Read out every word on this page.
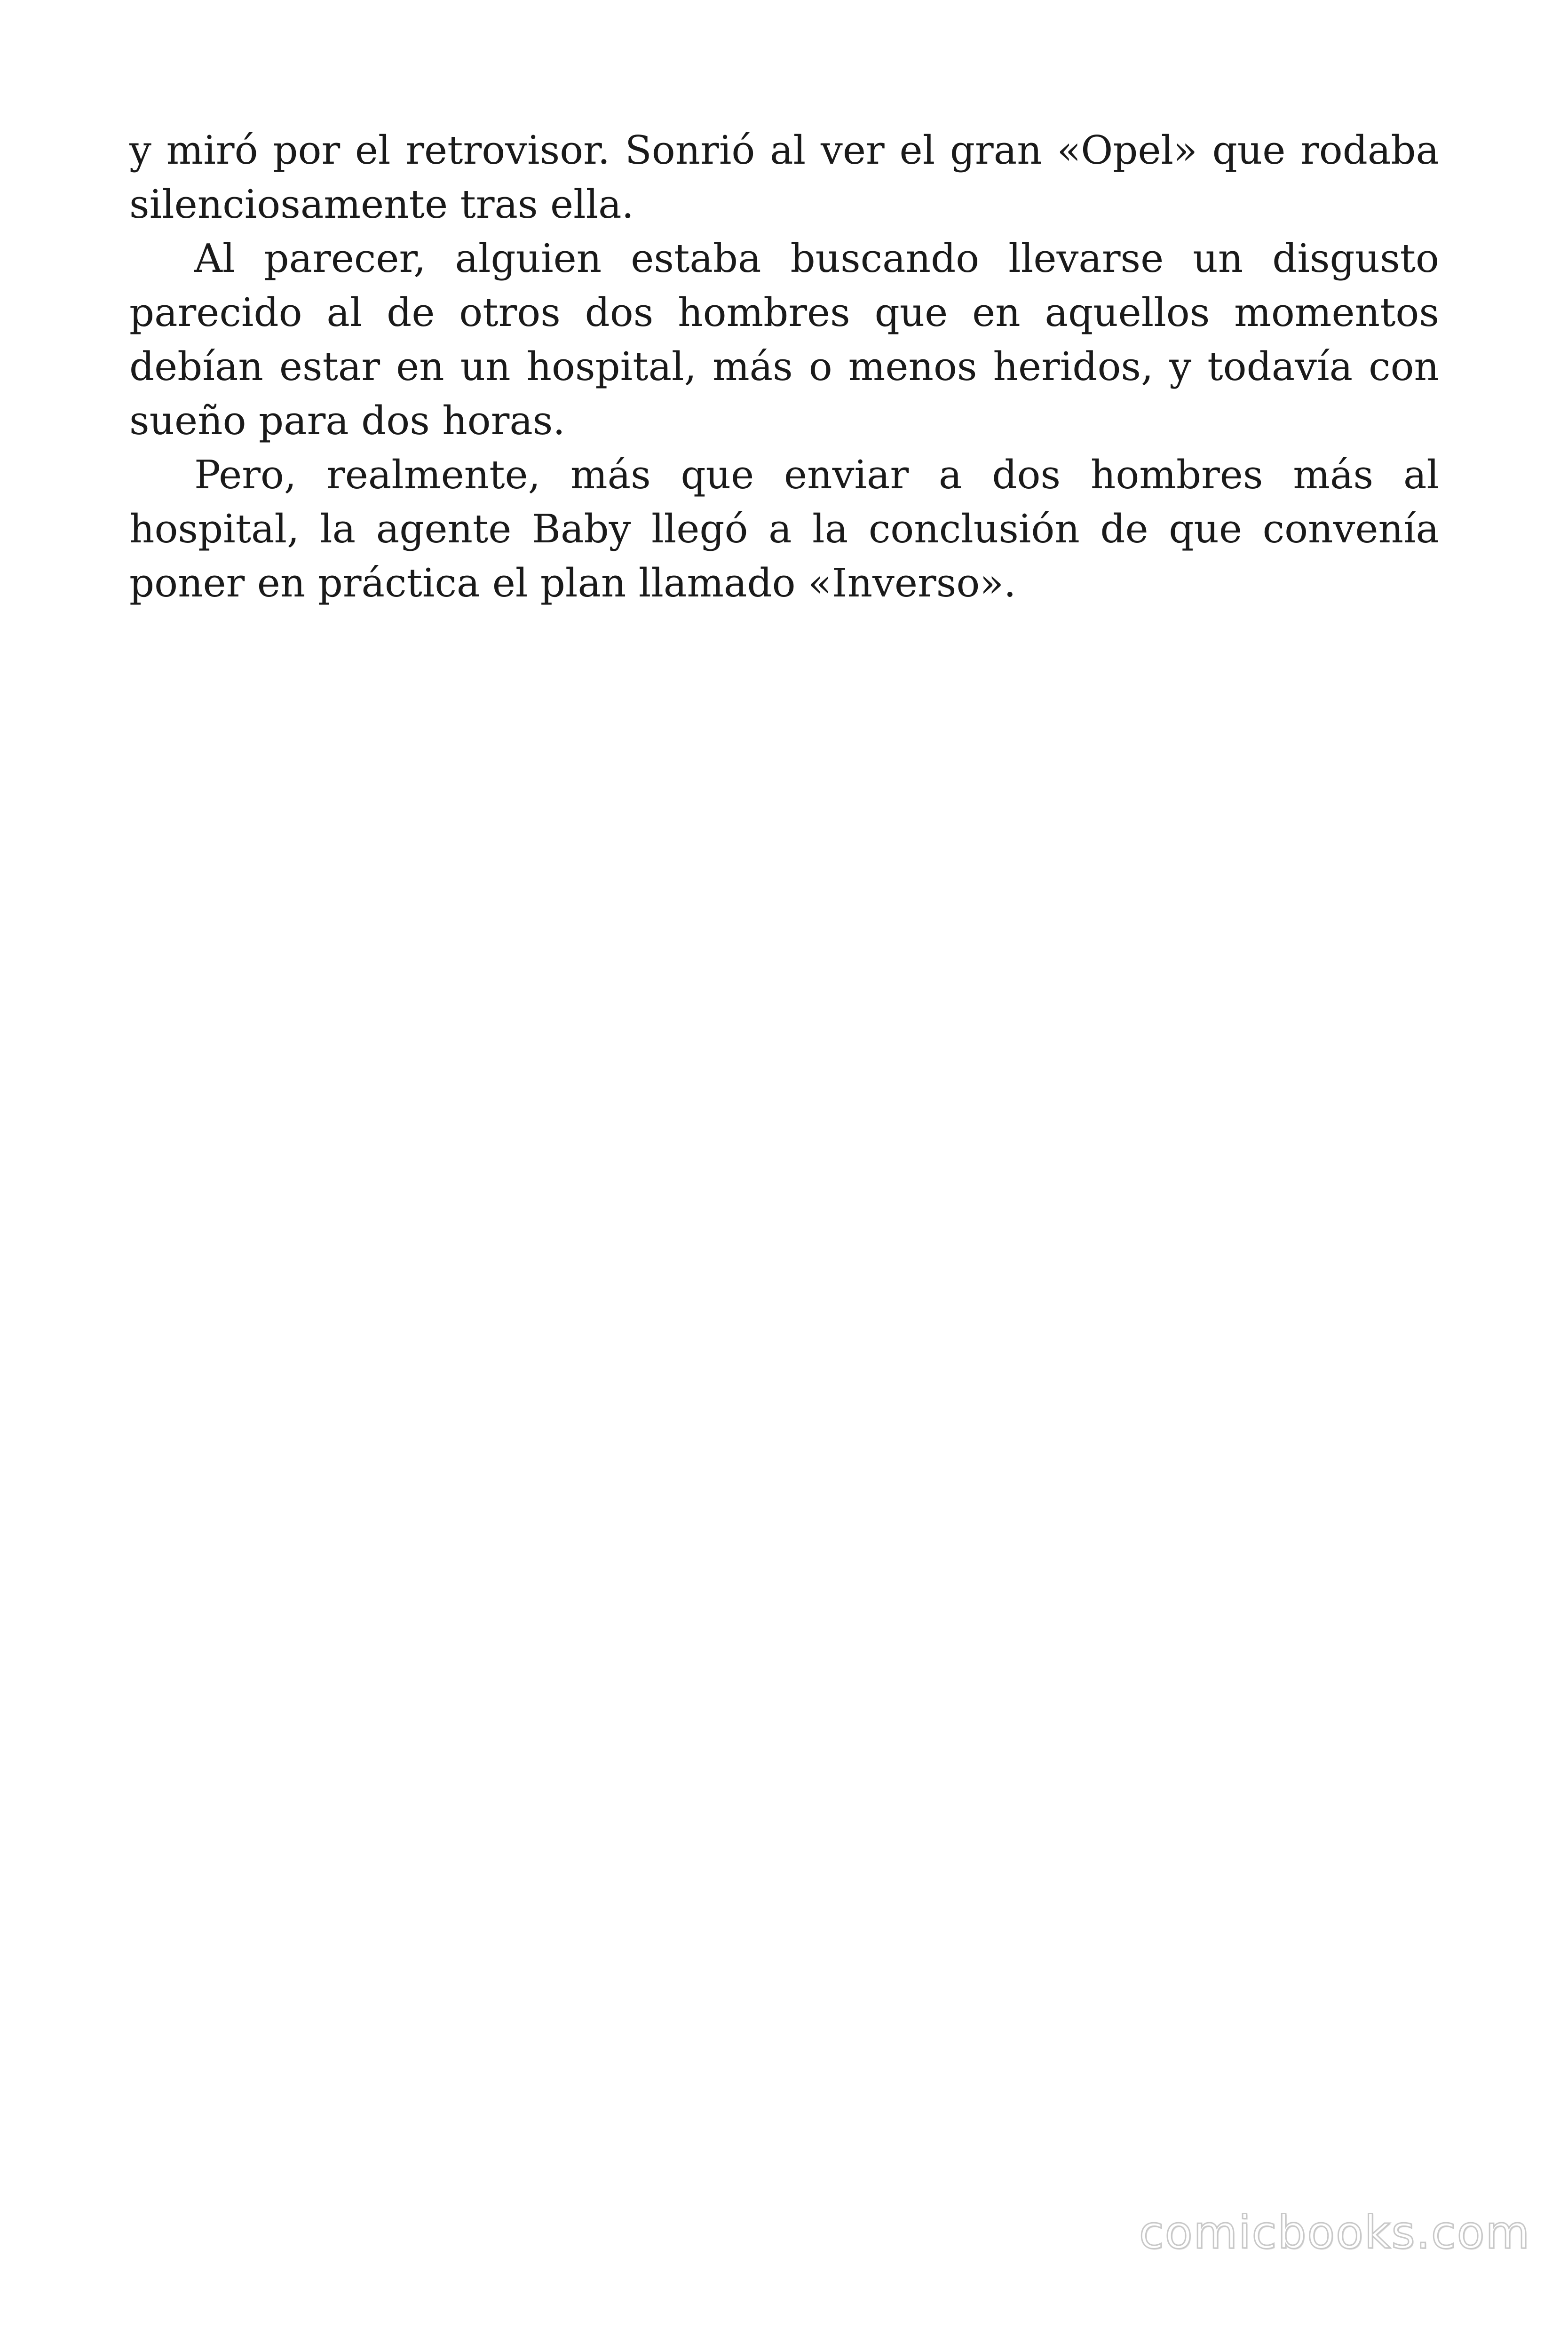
y miró por el retrovisor. Sonrió al ver el gran «Opel» que rodaba silenciosamente tras ella.

Al parecer, alguien estaba buscando llevarse un disgusto parecido al de otros dos hombres que en aquellos momentos debían estar en un hospital, más o menos heridos, y todavía con sueño para dos horas.

Pero, realmente, más que enviar a dos hombres más al hospital, la agente Baby llegó a la conclusión de que convenía poner en práctica el plan llamado «Inverso».

comicbooks.com
